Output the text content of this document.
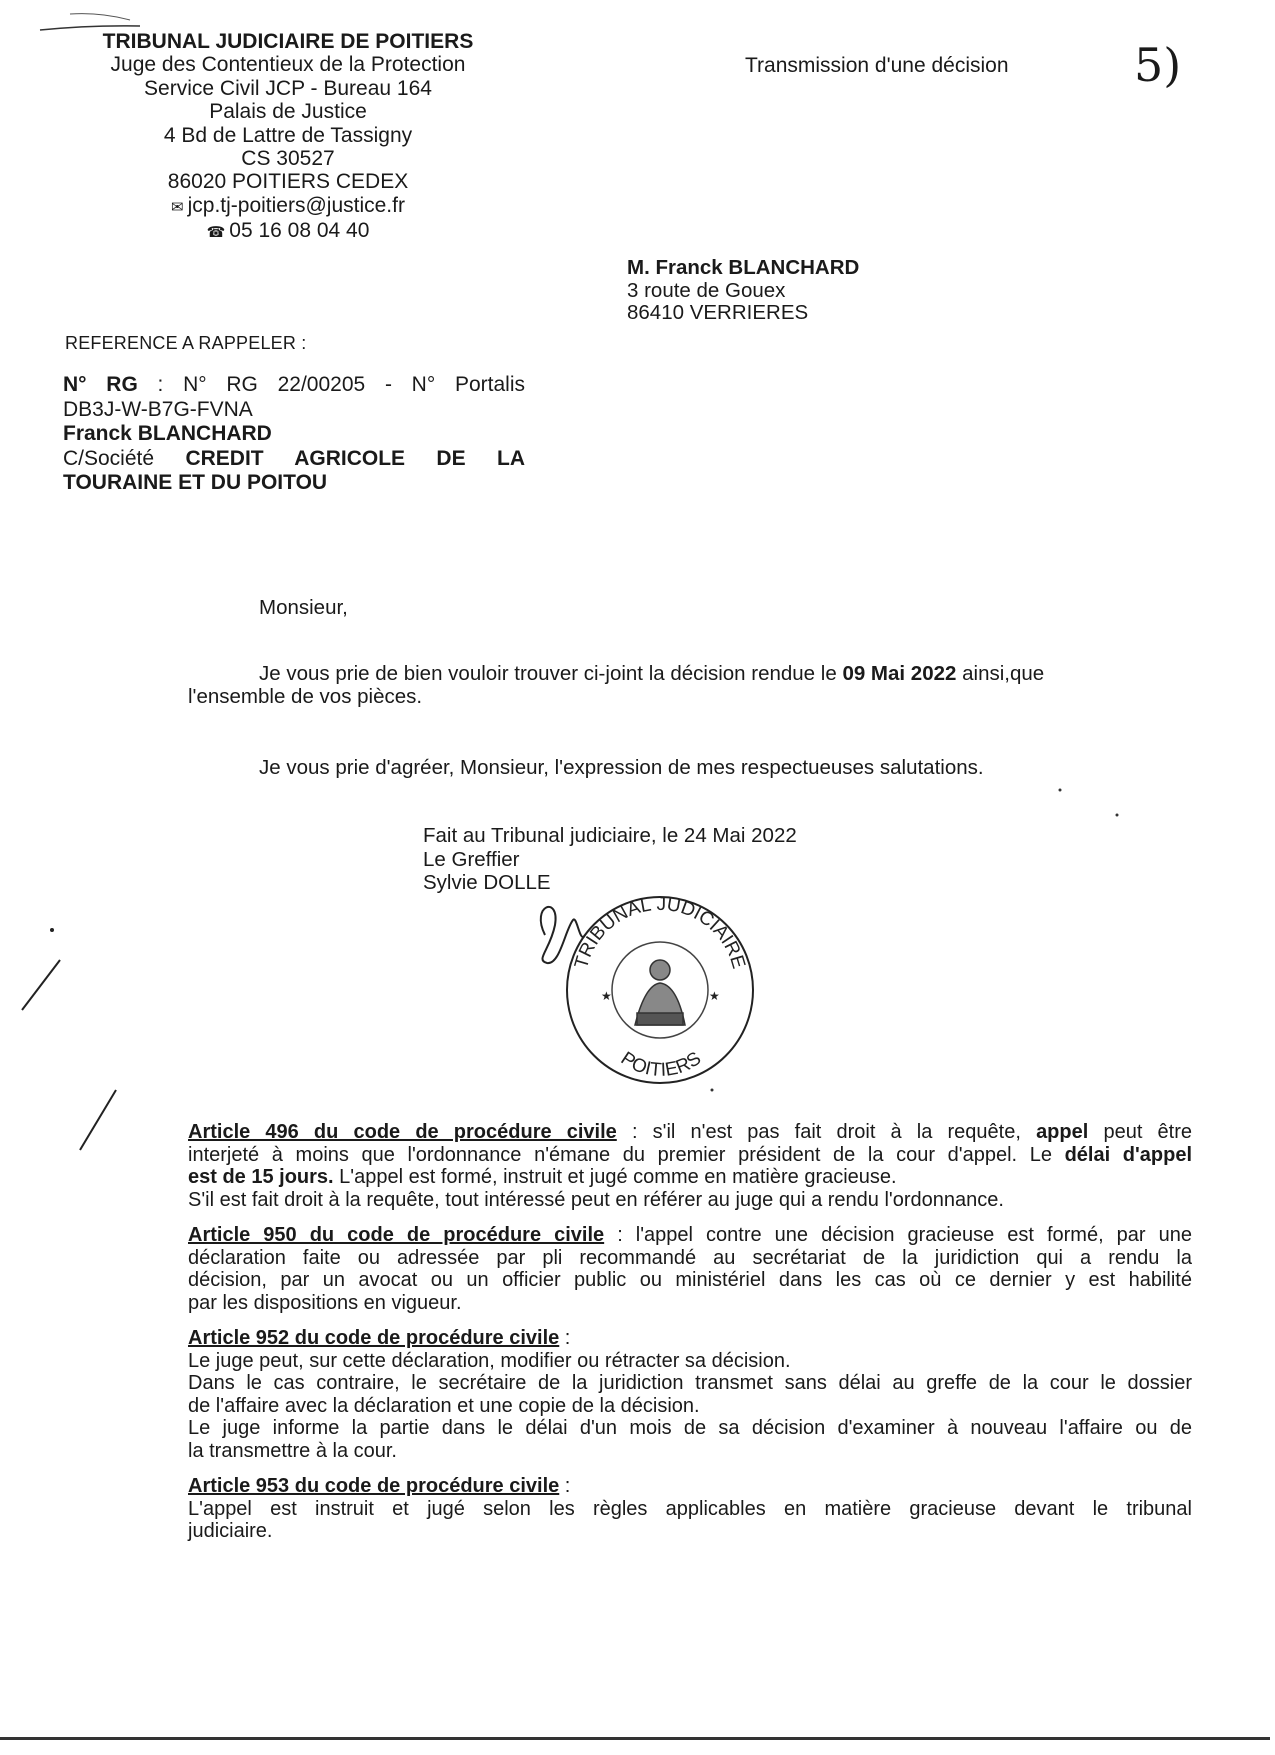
TRIBUNAL JUDICIAIRE DE POITIERS
Juge des Contentieux de la Protection
Service Civil JCP - Bureau 164
Palais de Justice
4 Bd de Lattre de Tassigny
CS 30527
86020 POITIERS CEDEX
✉ jcp.tj-poitiers@justice.fr
☎ 05 16 08 04 40
Transmission d'une décision	5)
M. Franck BLANCHARD
3 route de Gouex
86410 VERRIERES
REFERENCE A RAPPELER :
N° RG : N° RG 22/00205 - N° Portalis
DB3J-W-B7G-FVNA
Franck BLANCHARD
C/Société CREDIT AGRICOLE DE LA
TOURAINE ET DU POITOU
Monsieur,
Je vous prie de bien vouloir trouver ci-joint la décision rendue le 09 Mai 2022 ainsi,que
l'ensemble de vos pièces.
Je vous prie d'agréer, Monsieur, l'expression de mes respectueuses salutations.
Fait au Tribunal judiciaire, le 24 Mai 2022
Le Greffier
Sylvie DOLLE
TRIBUNAL JUDICIAIRE
POITIERS
★	★
Article 496 du code de procédure civile : s'il n'est pas fait droit à la requête, appel peut être
interjeté à moins que l'ordonnance n'émane du premier président de la cour d'appel. Le délai d'appel
est de 15 jours. L'appel est formé, instruit et jugé comme en matière gracieuse.
S'il est fait droit à la requête, tout intéressé peut en référer au juge qui a rendu l'ordonnance.
Article 950 du code de procédure civile : l'appel contre une décision gracieuse est formé, par une
déclaration faite ou adressée par pli recommandé au secrétariat de la juridiction qui a rendu la
décision, par un avocat ou un officier public ou ministériel dans les cas où ce dernier y est habilité
par les dispositions en vigueur.
Article 952 du code de procédure civile :
Le juge peut, sur cette déclaration, modifier ou rétracter sa décision.
Dans le cas contraire, le secrétaire de la juridiction transmet sans délai au greffe de la cour le dossier
de l'affaire avec la déclaration et une copie de la décision.
Le juge informe la partie dans le délai d'un mois de sa décision d'examiner à nouveau l'affaire ou de
la transmettre à la cour.
Article 953 du code de procédure civile :
L'appel est instruit et jugé selon les règles applicables en matière gracieuse devant le tribunal
judiciaire.
